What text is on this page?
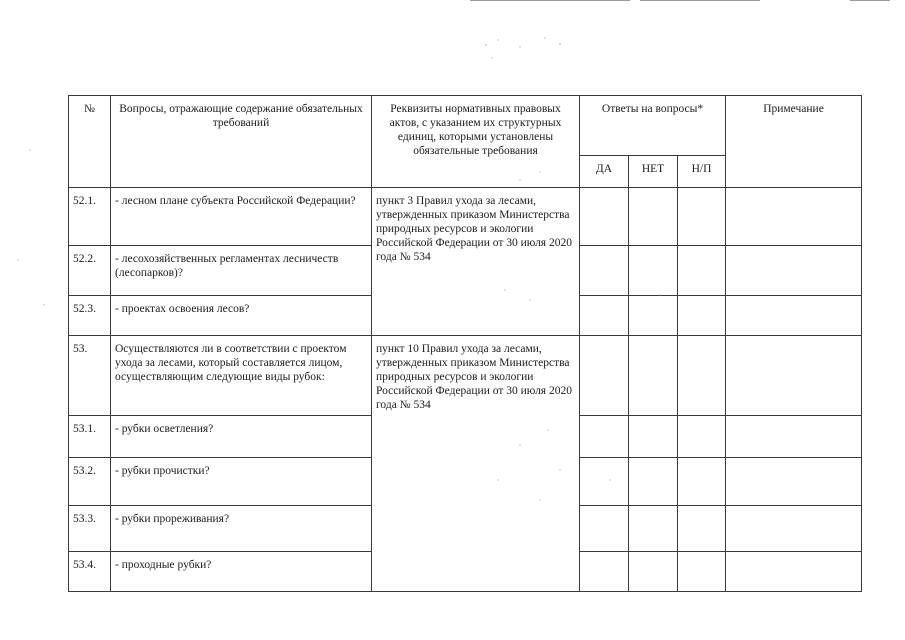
№	Вопросы, отражающие содержание обязательных требований	Реквизиты нормативных правовых актов, с указанием их структурных единиц, которыми установлены обязательные требования	Ответы на вопросы*			Примечание
			ДА	НЕТ	Н/П	
52.1.	- лесном плане субъекта Российской Федерации?	пункт 3 Правил ухода за лесами, утвержденных приказом Министерства природных ресурсов и экологии Российской Федерации от 30 июля 2020 года № 534				
52.2.	- лесохозяйственных регламентах лесничеств (лесопарков)?					
52.3.	- проектах освоения лесов?					
53.	Осуществляются ли в соответствии с проектом ухода за лесами, который составляется лицом, осуществляющим следующие виды рубок:	пункт 10 Правил ухода за лесами, утвержденных приказом Министерства природных ресурсов и экологии Российской Федерации от 30 июля 2020 года № 534				
53.1.	- рубки осветления?					
53.2.	- рубки прочистки?					
53.3.	- рубки прореживания?					
53.4.	- проходные рубки?					
